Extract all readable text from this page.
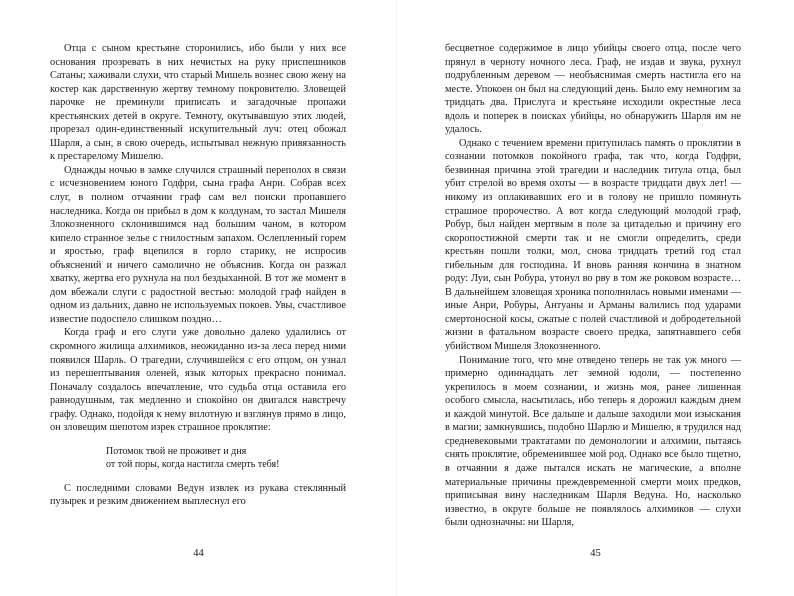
Отца с сыном крестьяне сторонились, ибо были у них все основания прозревать в них нечистых на руку приспешников Сатаны; хаживали слухи, что старый Мишель вознес свою жену на костер как дарственную жертву темному покровителю. Зловещей парочке не преминули приписать и загадочные пропажи крестьянских детей в округе. Темноту, окутывавшую этих людей, прорезал один-единственный искупительный луч: отец обожал Шарля, а сын, в свою очередь, испытывал нежную привязанность к престарелому Мишелю.

Однажды ночью в замке случился страшный переполох в связи с исчезновением юного Годфри, сына графа Анри. Собрав всех слуг, в полном отчаянии граф сам вел поиски пропавшего наследника. Когда он прибыл в дом к колдунам, то застал Мишеля Злокозненного склонившимся над большим чаном, в котором кипело странное зелье с гнилостным запахом. Ослепленный горем и яростью, граф вцепился в горло старику, не испросив объяснений и ничего самолично не объяснив. Когда он разжал хватку, жертва его рухнула на пол бездыханной. В тот же момент в дом вбежали слуги с радостной вестью: молодой граф найден в одном из дальних, давно не используемых покоев. Увы, счастливое известие подоспело слишком поздно…

Когда граф и его слуги уже довольно далеко удалились от скромного жилища алхимиков, неожиданно из-за леса перед ними появился Шарль. О трагедии, случившейся с его отцом, он узнал из перешептывания оленей, язык которых прекрасно понимал. Поначалу создалось впечатление, что судьба отца оставила его равнодушным, так медленно и спокойно он двигался навстречу графу. Однако, подойдя к нему вплотную и взглянув прямо в лицо, он зловещим шепотом изрек страшное проклятие:

Потомок твой не проживет и дня
от той поры, когда настигла смерть тебя!

С последними словами Ведун извлек из рукава стеклянный пузырек и резким движением выплеснул его

44

бесцветное содержимое в лицо убийцы своего отца, после чего прянул в черноту ночного леса. Граф, не издав и звука, рухнул подрубленным деревом — необъяснимая смерть настигла его на месте. Упокоен он был на следующий день. Было ему немногим за тридцать два. Прислуга и крестьяне исходили окрестные леса вдоль и поперек в поисках убийцы, но обнаружить Шарля им не удалось.

Однако с течением времени притупилась память о проклятии в сознании потомков покойного графа, так что, когда Годфри, безвинная причина этой трагедии и наследник титула отца, был убит стрелой во время охоты — в возрасте тридцати двух лет! — никому из оплакивавших его и в голову не пришло помянуть страшное пророчество. А вот когда следующий молодой граф, Робур, был найден мертвым в поле за цитаделью и причину его скоропостижной смерти так и не смогли определить, среди крестьян пошли толки, мол, снова тридцать третий год стал гибельным для господина. И вновь ранняя кончина в знатном роду: Луи, сын Робура, утонул во рву в том же роковом возрасте… В дальнейшем зловещая хроника пополнилась новыми именами — иные Анри, Робуры, Антуаны и Арманы валились под ударами смертоносной косы, сжатые с полей счастливой и добродетельной жизни в фатальном возрасте своего предка, запятнавшего себя убийством Мишеля Злокозненного.

Понимание того, что мне отведено теперь не так уж много — примерно одиннадцать лет земной юдоли, — постепенно укрепилось в моем сознании, и жизнь моя, ранее лишенная особого смысла, насытилась, ибо теперь я дорожил каждым днем и каждой минутой. Все дальше и дальше заходили мои изыскания в магии; замкнувшись, подобно Шарлю и Мишелю, я трудился над средневековыми трактатами по демонологии и алхимии, пытаясь снять проклятие, обременившее мой род. Однако все было тщетно, в отчаянии я даже пытался искать не магические, а вполне материальные причины преждевременной смерти моих предков, приписывая вину наследникам Шарля Ведуна. Но, насколько известно, в округе больше не появлялось алхимиков — слухи были однозначны: ни Шарля,

45
